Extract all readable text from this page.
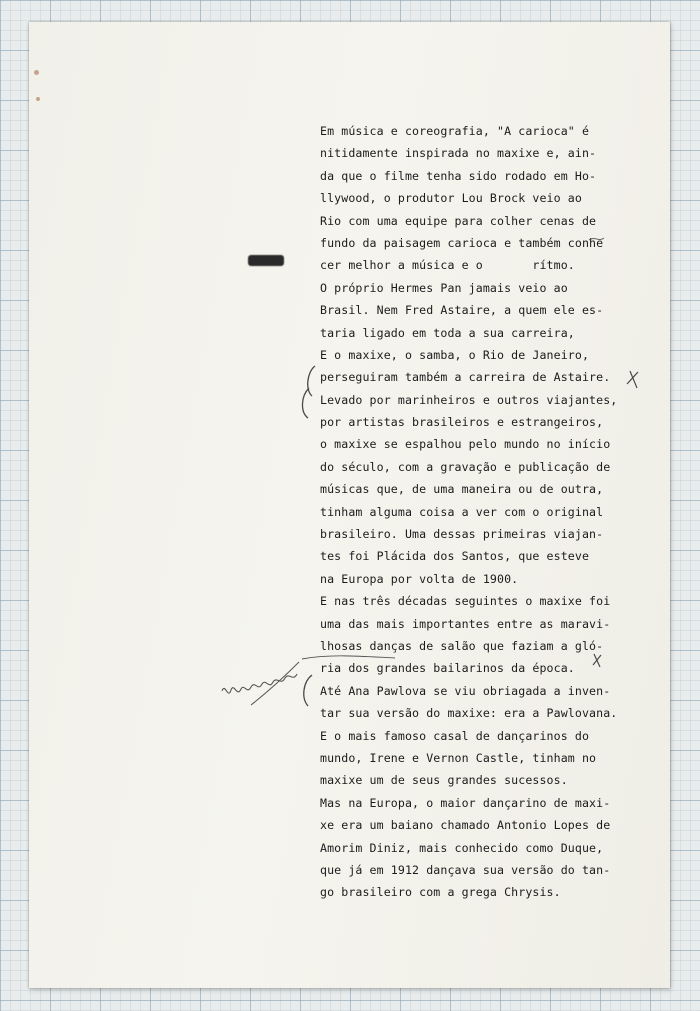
Em música e coreografia, "A carioca" é
nitidamente inspirada no maxixe e, ain-
da que o filme tenha sido rodado em Ho-
llywood, o produtor Lou Brock veio ao
Rio com uma equipe para colher cenas de
fundo da paisagem carioca e também conhe
cer melhor a música e o       rítmo.
O próprio Hermes Pan jamais veio ao
Brasil. Nem Fred Astaire, a quem ele es-
taria ligado em toda a sua carreira,
E o maxixe, o samba, o Rio de Janeiro,
perseguiram também a carreira de Astaire.
Levado por marinheiros e outros viajantes,
por artistas brasileiros e estrangeiros,
o maxixe se espalhou pelo mundo no início
do século, com a gravação e publicação de
músicas que, de uma maneira ou de outra,
tinham alguma coisa a ver com o original
brasileiro. Uma dessas primeiras viajan-
tes foi Plácida dos Santos, que esteve
na Europa por volta de 1900.
E nas três décadas seguintes o maxixe foi
uma das mais importantes entre as maravi-
lhosas danças de salão que faziam a gló-
ria dos grandes bailarinos da época.
Até Ana Pawlova se viu obriagada a inven-
tar sua versão do maxixe: era a Pawlovana.
E o mais famoso casal de dançarinos do
mundo, Irene e Vernon Castle, tinham no
maxixe um de seus grandes sucessos.
Mas na Europa, o maior dançarino de maxi-
xe era um baiano chamado Antonio Lopes de
Amorim Diniz, mais conhecido como Duque,
que já em 1912 dançava sua versão do tan-
go brasileiro com a grega Chrysis.
